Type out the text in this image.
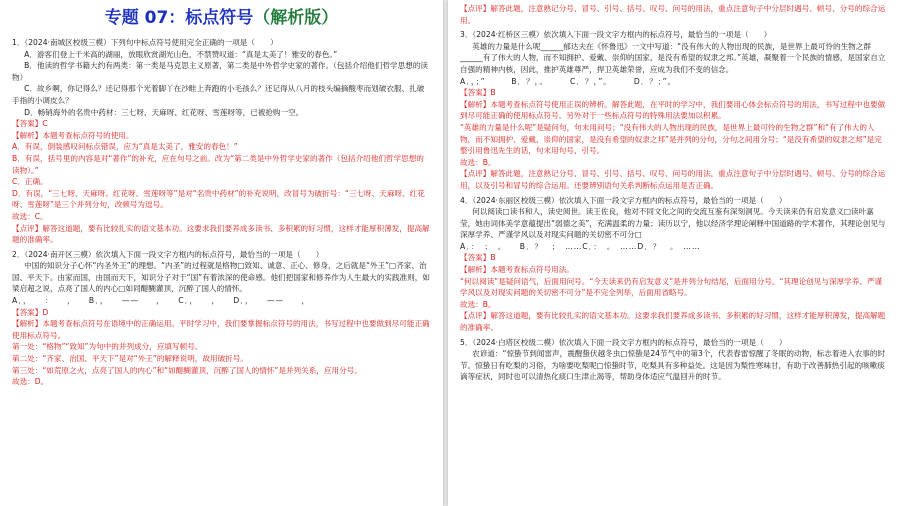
专题 07：标点符号（解析版）

1．（2024·南城区校级三模）下列句中标点符号使用完全正确的一项是（　　）

A．游客们登上千米高的湖丽，放眼欣赏湖光山色，不禁赞叹道：“真是太美了！雅安的春色。”

B．他读的哲学书籍大约有两类：第一类是马克思主义原著，第二类是中外哲学史家的著作。（包括介绍他们哲学思想的读物）

C．故乡啊，你记得么？还记得那个光着脚丫在沙畦上奔跑的小毛孩么？还记得从八月的枝头编摘酸枣而划破衣服、扎破手指的小调皮么？

D．畅销海外的名贵中药材：三七呀、天麻呀、红花呀、雪莲呀等，已被抢购一空。

【答案】C

【解析】本题考查标点符号的使用。

A．有误，倒装感叹问标点错误，应为“真是太美了，雅安的春色！”

B．有误，括号里的内容是对“著作”的补充，应在句号之前。改为“第二类是中外哲学史家的著作（包括介绍他们哲学思想的读物）。”

C．正确。

D．有误，“三七呀、天麻呀、红花呀、雪莲呀等”是对“名贵中药材”的补充说明，改冒号为破折号：“三七呀、天麻呀、红花呀、雪莲呀”是三个并列分句，改顿号为逗号。

故选：C。

【点评】解答这道题，要有比较扎实的语文基本功。这要求我们要养成多读书、多积累的好习惯，这样才能厚积薄发，提高解题的准确率。

2．（2024·南开区三模）依次填入下面一段文字方框内的标点符号，最恰当的一项是（　　）

中国的知识分子心怀“内圣外王”的理想。“内圣”的过程就是格物□致知、诚意、正心、修身，之后就是“外王”□齐家、治国、平天下。由家而国，由国而天下，知识分子对于“国”有着浓深的使命感。他们把国家和修养作为人生最大的实践准则，如梁启超之说，点亮了国人的内心□如同醍醐灌顶，沉醉了国人的情怀。

A．，　　：　　，　　B．，　　——　　，　　C．，　　，　　D．，　　——　　，

【答案】D

【解析】本题考查标点符号在语境中的正确运用。平时学习中，我们要掌握标点符号的用法，书写过程中也要做到尽可能正确使用标点符号。

第一处：“格物”“致知”为句中的并列成分，应填写顿号。

第二处：“齐家、治国、平天下”是对“外王”的解释说明，故用破折号。

第三处：“如荒原之火，点亮了国人的内心”和“如醍醐灌顶，沉醉了国人的情怀”是并列关系，应用分号。

故选：D。

【点评】解答此题，注意熟记分号、冒号、引号、括号、叹号、问号的用法，重点注意句子中分层时遇号、顿号、分号的综合运用。

3．（2024·红桥区三模）依次填入下面一段文字方框内的标点符号，最恰当的一项是（　　）

英雄的力量是什么呢______郁达夫在《怀鲁迅》一文中写道：“没有伟大的人物出现的民族，是世界上最可怜的生物之群______有了伟大的人物，而不知拥护、爱戴、崇仰的国家，是没有希望的奴隶之邦。”英雄，凝聚着一个民族的情感，是国家自立自强的精神内核，因此，推护英雄尊严，捍卫英雄荣誉，应成为我们不变的信念。

A．，；”　　　B．？，。　　　C．？，”。　　　D．？；”。

【答案】B

【解析】本题考查标点符号使用正误的辨析。解答此题，在平时的学习中，我们要用心体会标点符号的用法，书写过程中也要做到尽可能正确的使用标点符号。另外对于一些标点符号的特殊用法要加以积累。

“英雄的力量是什么呢”是疑问句，句末用问号；“没有伟大的人物出现的民族，是世界上最可怜的生物之群”和“有了伟大的人物，而不知拥护、爱戴、崇仰的国家，是没有希望的奴隶之邦”是并列的分句，分句之间用分号；“是没有希望的奴隶之邦”是完整引用鲁迅先生的话，句末用句号、引号。

故选：B。

【点评】解答此题，注意熟记分号、冒号、引号、括号、叹号、问号的用法，重点注意句子中分层时遇号、顿号、分号的综合运用，以及引号和冒号的综合运用。还要辨别语句关系判断标点运用是否正确。

4．（2024·东丽区校级三模）依次填入下面一段文字方框内的标点符号，最恰当的一项是（　　）

何以阅读□读书和人，读史阅世。读王佐良，他对不同文化之间的交流互鉴有深刻洞见。今天读来仍有启发意义□读叶嘉莹，她由词体美学意蕴提出“弱德之美”，充满温柔的力量；读历以宁，他以经济学理论阐释中国道路的学术著作，其理论创见与深厚学养、严谨学风以及对现实问题的关切密不可分□

A．：　；　。　　B．？　；　……C．：　。　……D．？　。　……

【答案】B

【解析】本题考查标点符号用法。

“何以阅读”是疑问语气，后面用问号。“今天读来仍有启发意义”是并列分句结尾，后面用分号。“其理论创见与深厚学养、严谨学风以及对现实问题的关切密不可分”是不完全列举，后面用省略号。

故选：B。

【点评】解答这道题，要有比较扎实的语文基本功。这要求我们要养成多读书、多积累的好习惯，这样才能厚积薄发，提高解题的准确率。

5．（2024·白塔区校级二模）依次填入下面一段文字方框内的标点符号，最恰当的一项是（　　）

农谚道：“惊蛰节到闻雷声，震醒蛰伏越冬虫□惊蛰是24节气中的第3个，代表春雷惊醒了冬眠的动物，标志着进入农事的时节。惊蛰日有吃梨的习俗，为啥要吃梨呢□惊蛰时节，吃梨具有多种益处。这是因为梨性寒味甘，有助于改善肺热引起的咳嗽痰滴等症状，同时也可以清热化痰口生津止渴等，帮助身体适应气温回升的时节。
